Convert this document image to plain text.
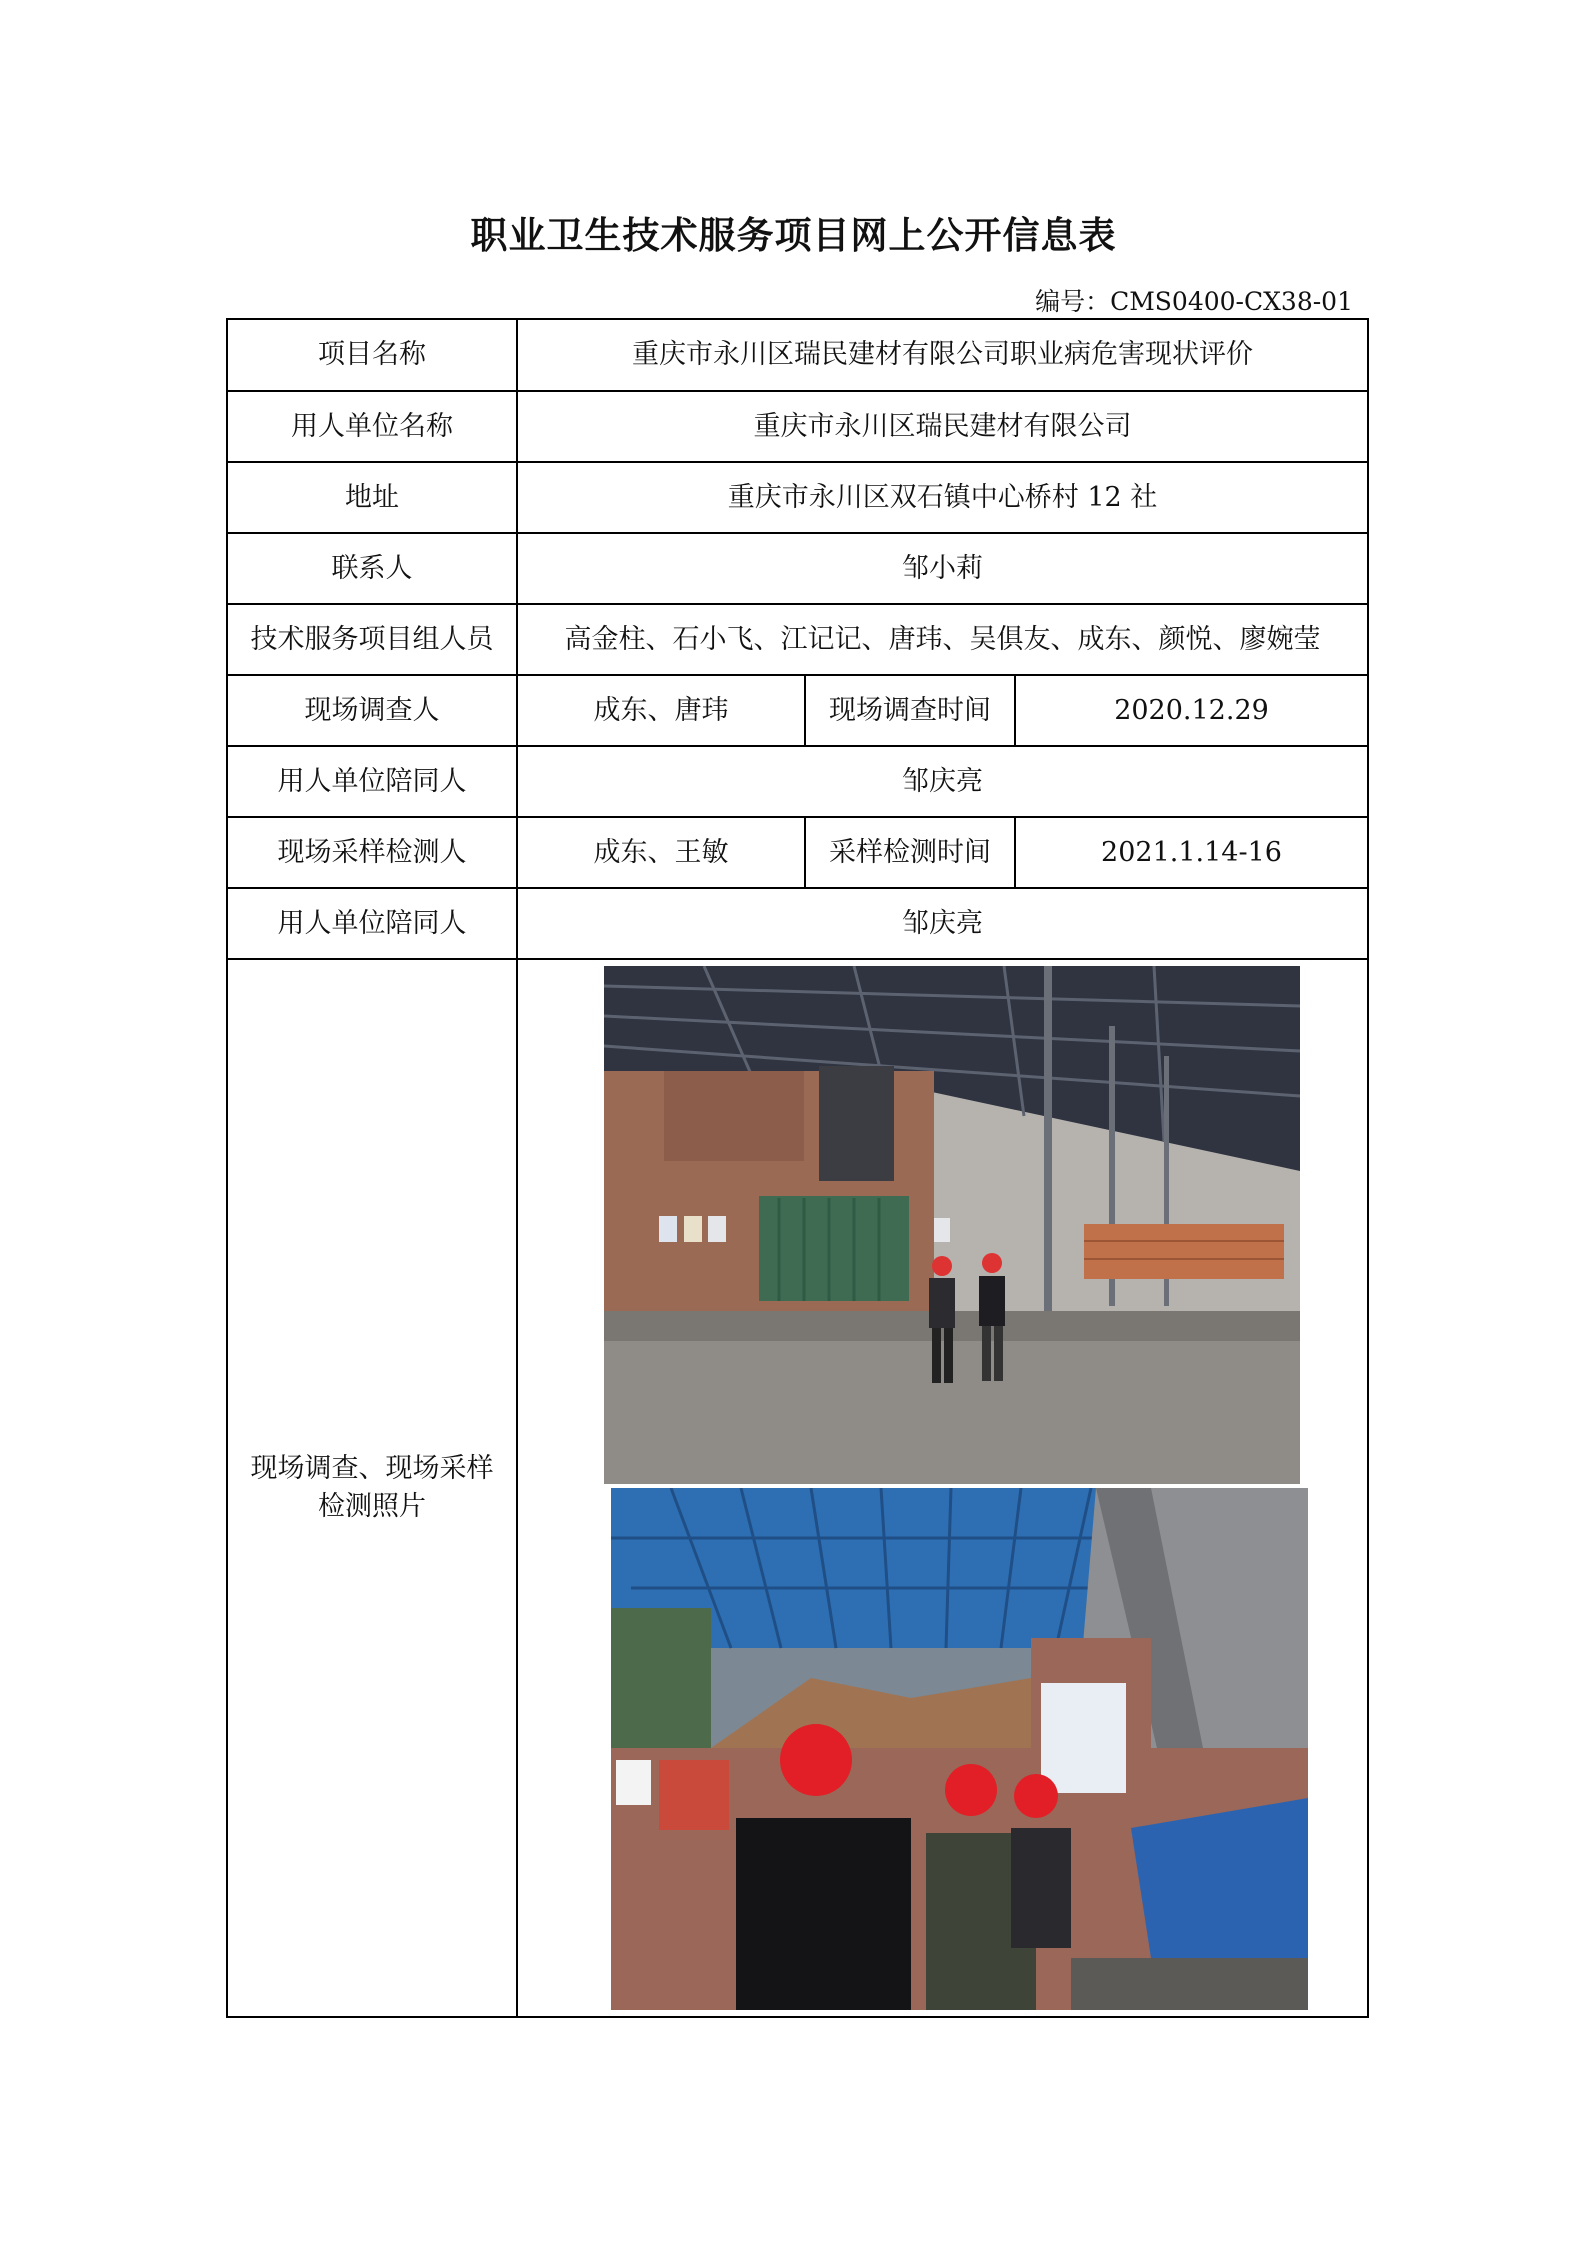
职业卫生技术服务项目网上公开信息表
编号：CMS0400-CX38-01
项目名称	重庆市永川区瑞民建材有限公司职业病危害现状评价
用人单位名称	重庆市永川区瑞民建材有限公司
地址	重庆市永川区双石镇中心桥村 12 社
联系人	邹小莉
技术服务项目组人员	高金柱、石小飞、江记记、唐玮、吴俱友、成东、颜悦、廖婉莹
现场调查人	成东、唐玮	现场调查时间	2020.12.29
用人单位陪同人	邹庆亮
现场采样检测人	成东、王敏	采样检测时间	2021.1.14-16
用人单位陪同人	邹庆亮
现场调查、现场采样检测照片
